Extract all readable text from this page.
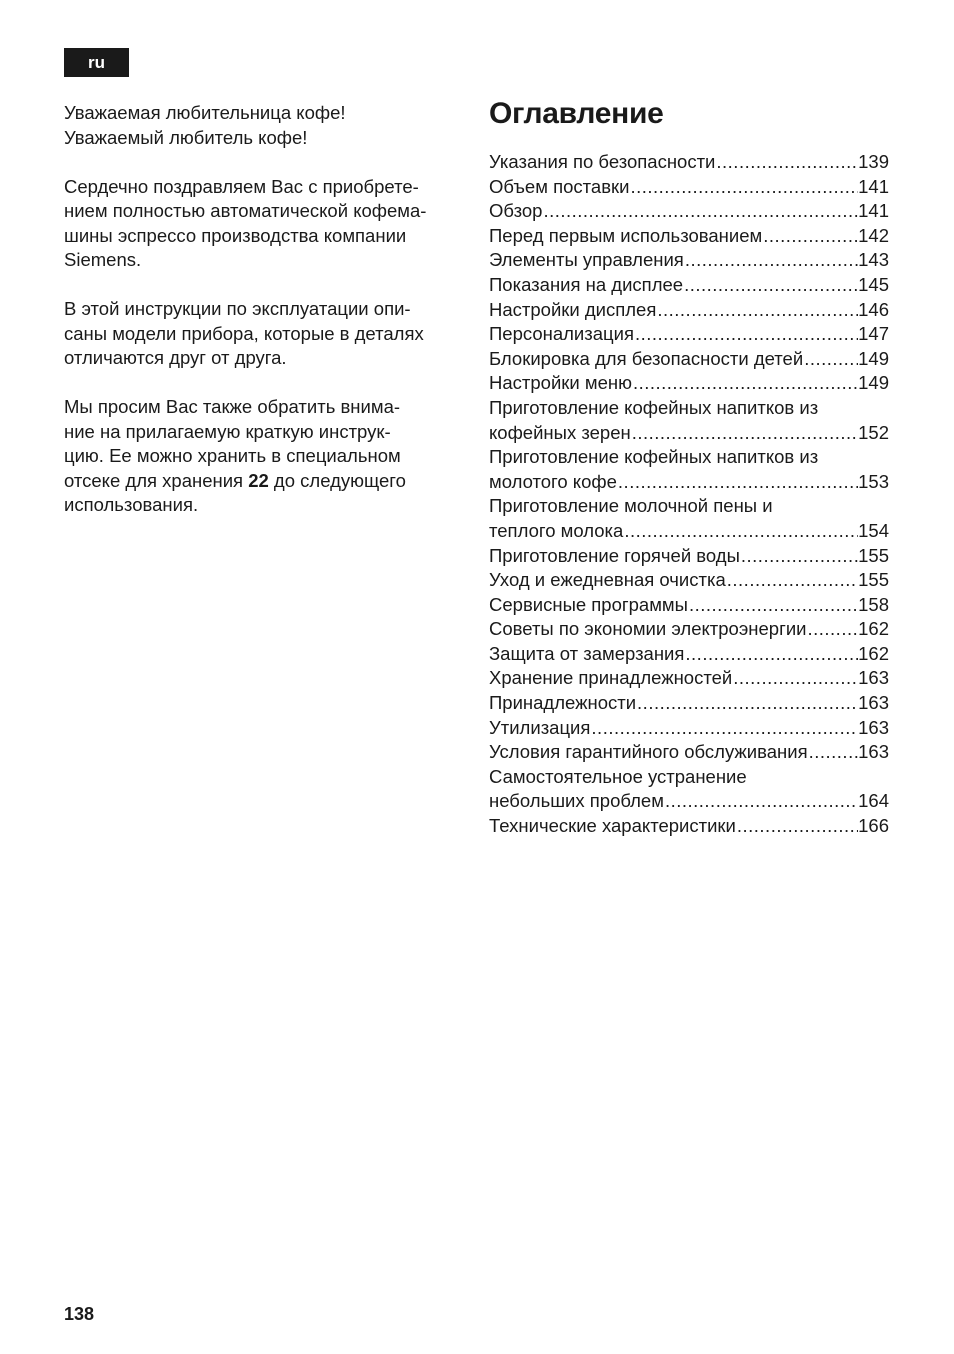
ru

Уважаемая любительница кофе!
Уважаемый любитель кофе!

Сердечно поздравляем Вас с приобрете-
нием полностью автоматической кофема-
шины эспрессо производства компании
Siemens.

В этой инструкции по эксплуатации опи-
саны модели прибора, которые в деталях
отличаются друг от друга.

Мы просим Вас также обратить внима-
ние на прилагаемую краткую инструк-
цию. Ее можно хранить в специальном
отсеке для хранения 22 до следующего
использования.

Оглавление
Указания по безопасности .....	139
Объем поставки .....	141
Обзор .....	141
Перед первым использованием .....	142
Элементы управления .....	143
Показания на дисплее .....	145
Настройки дисплея .....	146
Персонализация .....	147
Блокировка для безопасности детей .....	149
Настройки меню .....	149
Приготовление кофейных напитков из
кофейных зерен .....	152
Приготовление кофейных напитков из
молотого кофе .....	153
Приготовление молочной пены и
теплого молока .....	154
Приготовление горячей воды .....	155
Уход и ежедневная очистка .....	155
Сервисные программы .....	158
Советы по экономии электроэнергии .....	162
Защита от замерзания .....	162
Хранение принадлежностей .....	163
Принадлежности .....	163
Утилизация .....	163
Условия гарантийного обслуживания .....	163
Самостоятельное устранение
небольших проблем .....	164
Технические характеристики .....	166
138
